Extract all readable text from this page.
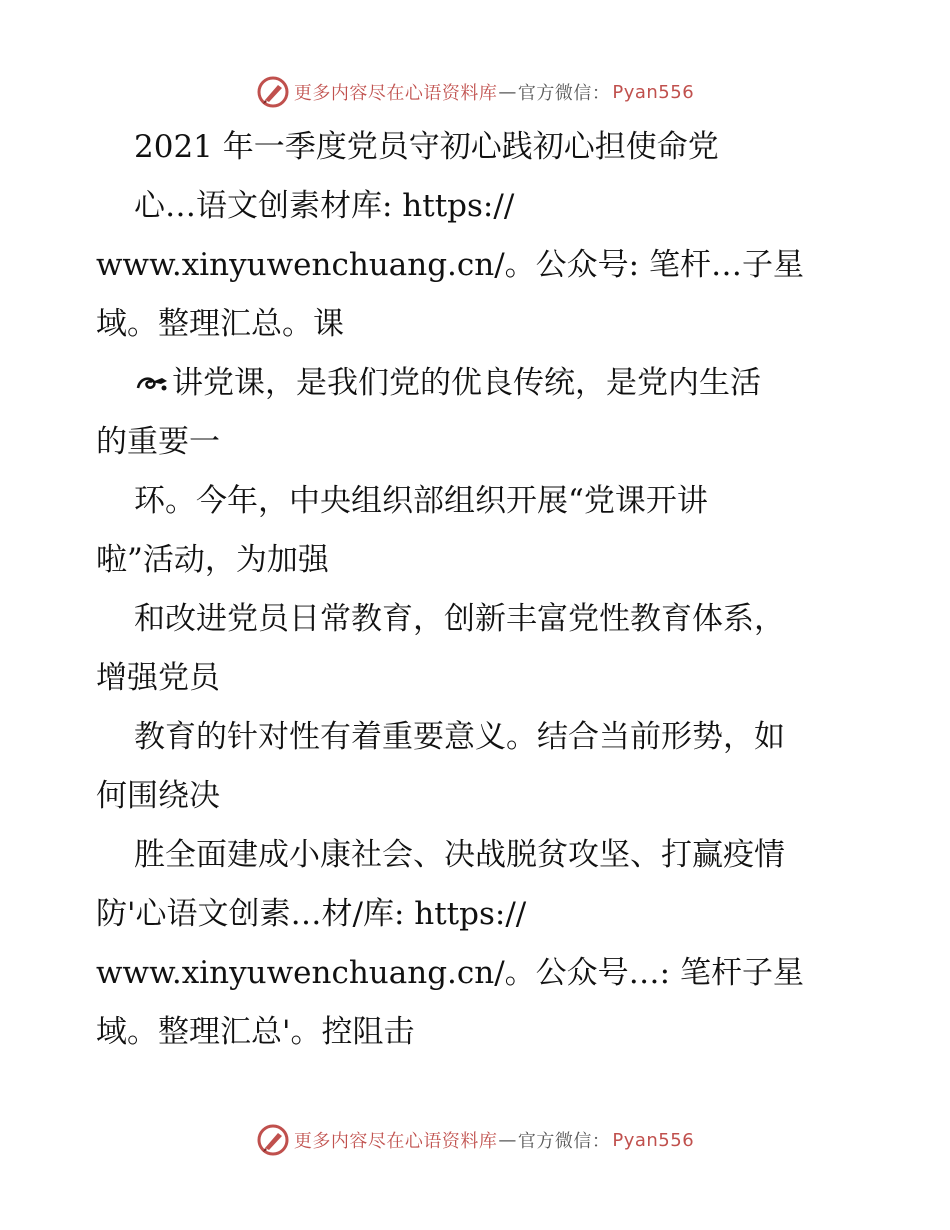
更多内容尽在心语资料库 — 官方微信： Pyan556
2021 年一季度党员守初心践初心担使命党
心…语文创素材库: https://
www.xinyuwenchuang.cn/。公众号: 笔杆…子星
域。整理汇总。课
讲党课，是我们党的优良传统，是党内生活
的重要一
环。今年，中央组织部组织开展“党课开讲
啦”活动，为加强
和改进党员日常教育，创新丰富党性教育体系，
增强党员
教育的针对性有着重要意义。结合当前形势，如
何围绕决
胜全面建成小康社会、决战脱贫攻坚、打赢疫情
防'心语文创素…材/库: https://
www.xinyuwenchuang.cn/。公众号…: 笔杆子星
域。整理汇总'。控阻击
更多内容尽在心语资料库 — 官方微信： Pyan556
